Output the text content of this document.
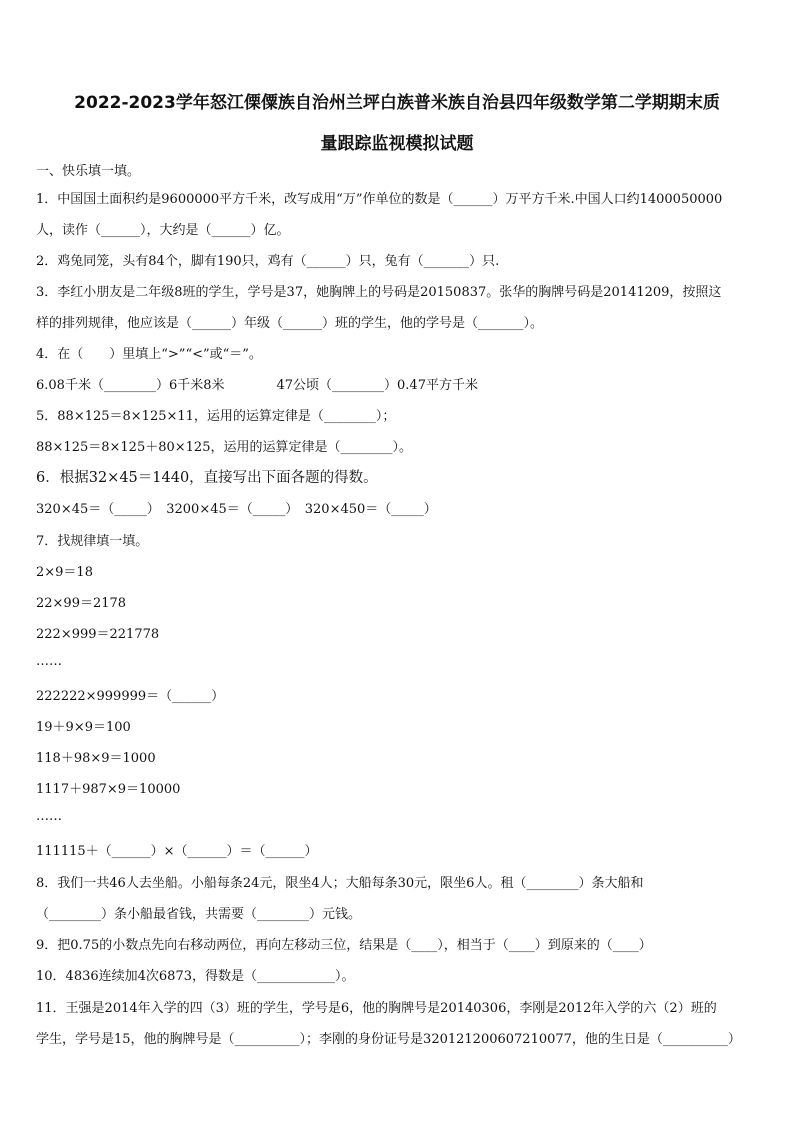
2022-2023学年怒江傈僳族自治州兰坪白族普米族自治县四年级数学第二学期期末质
量跟踪监视模拟试题
一、快乐填一填。
1．中国国土面积约是9600000平方千米，改写成用“万”作单位的数是（______）万平方千米.中国人口约1400050000
人，读作（______），大约是（______）亿。
2．鸡兔同笼，头有84个，脚有190只，鸡有（______）只，兔有（_______）只.
3．李红小朋友是二年级8班的学生，学号是37，她胸牌上的号码是20150837。张华的胸牌号码是20141209，按照这
样的排列规律，他应该是（______）年级（______）班的学生，他的学号是（_______）。
4．在（　　）里填上“>”“<”或“＝”。
6.08千米（________）6千米8米　　　　47公顷（________）0.47平方千米
5．88×125＝8×125×11，运用的运算定律是（________）；
88×125＝8×125＋80×125，运用的运算定律是（________）。
6．根据32×45＝1440，直接写出下面各题的得数。
320×45＝（_____）　3200×45＝（_____）　320×450＝（_____）
7．找规律填一填。
2×9＝18
22×99＝2178
222×999＝221778
……
222222×999999＝（______）
19＋9×9＝100
118＋98×9＝1000
1117＋987×9＝10000
……
111115＋（______）×（______）＝（______）
8．我们一共46人去坐船。小船每条24元，限坐4人；大船每条30元，限坐6人。租（________）条大船和
（________）条小船最省钱，共需要（________）元钱。
9．把0.75的小数点先向右移动两位，再向左移动三位，结果是（____），相当于（____）到原来的（____）
10．4836连续加4次6873，得数是（____________）。
11．王强是2014年入学的四（3）班的学生，学号是6，他的胸牌号是20140306，李刚是2012年入学的六（2）班的
学生，学号是15，他的胸牌号是（__________）；李刚的身份证号是320121200607210077，他的生日是（__________）
